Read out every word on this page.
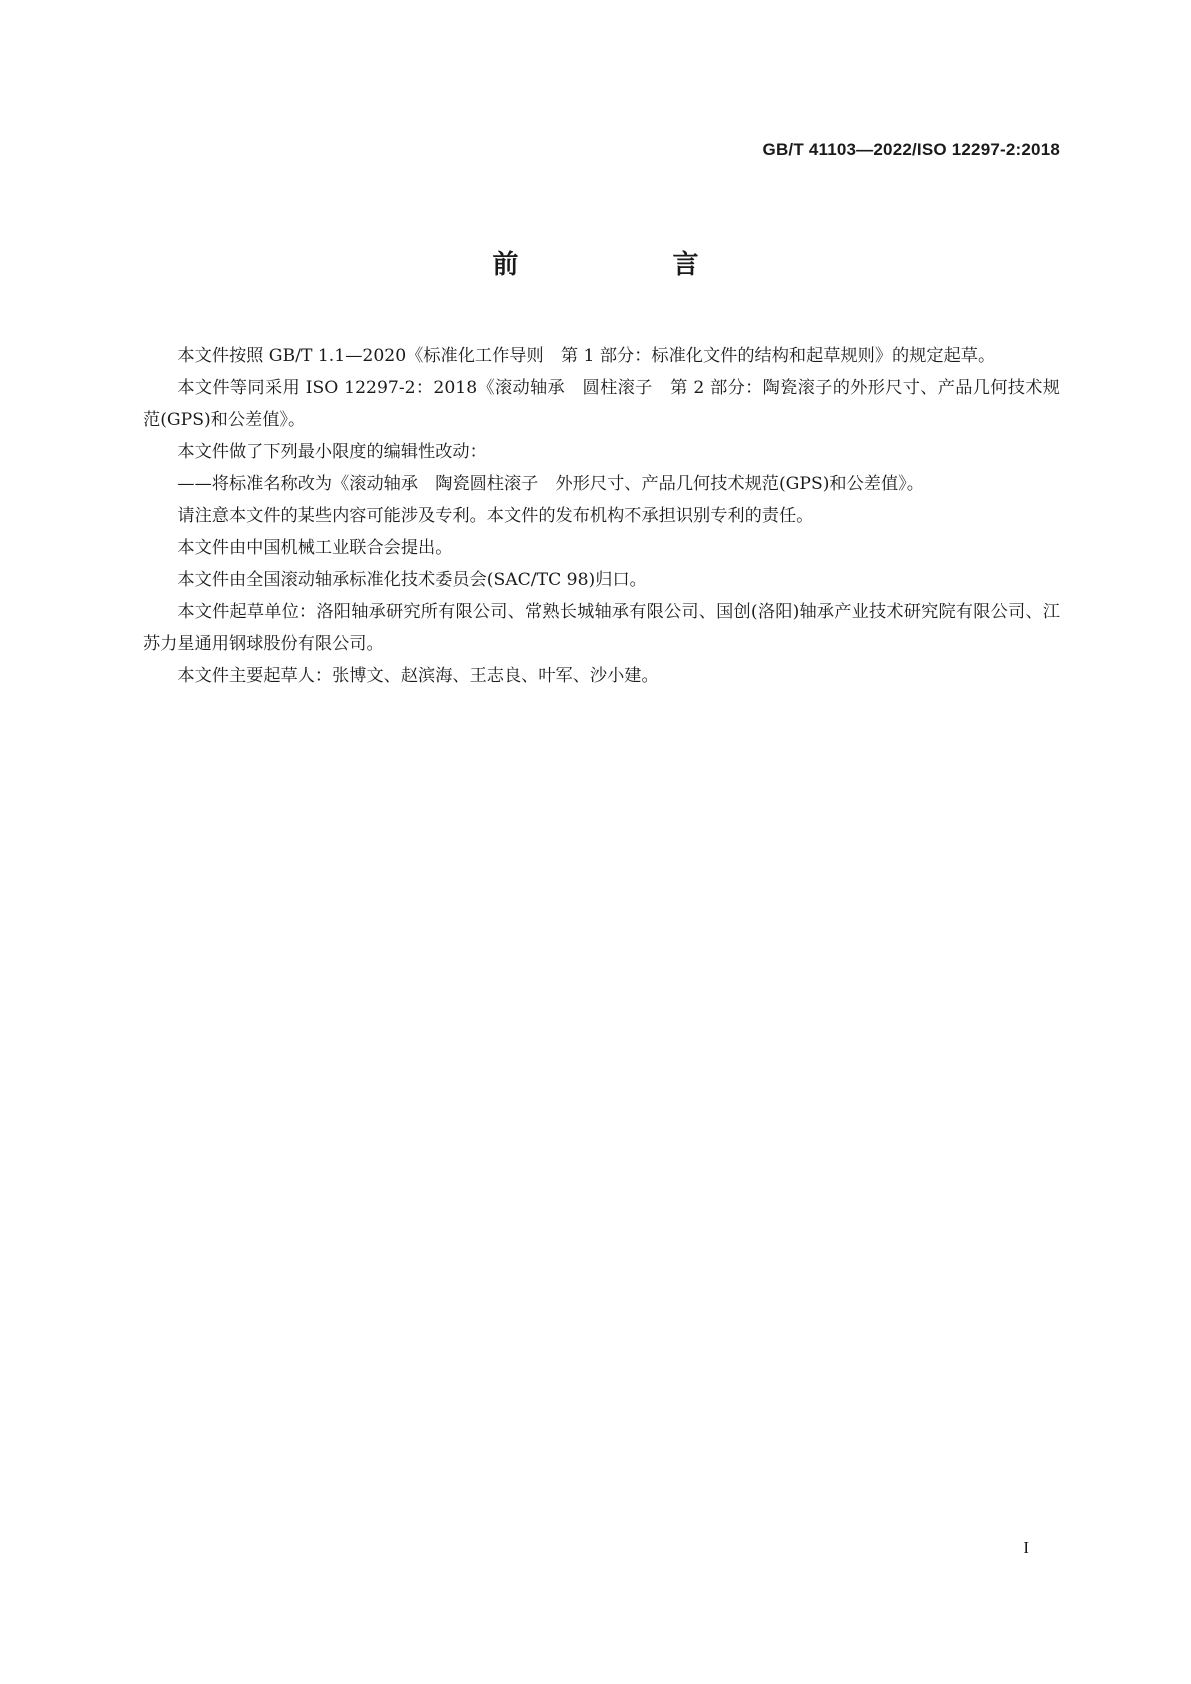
GB/T 41103—2022/ISO 12297-2:2018
前　言

本文件按照 GB/T 1.1—2020《标准化工作导则　第 1 部分：标准化文件的结构和起草规则》的规定起草。

本文件等同采用 ISO 12297-2：2018《滚动轴承　圆柱滚子　第 2 部分：陶瓷滚子的外形尺寸、产品几何技术规范(GPS)和公差值》。

本文件做了下列最小限度的编辑性改动：

——将标准名称改为《滚动轴承　陶瓷圆柱滚子　外形尺寸、产品几何技术规范(GPS)和公差值》。

请注意本文件的某些内容可能涉及专利。本文件的发布机构不承担识别专利的责任。

本文件由中国机械工业联合会提出。

本文件由全国滚动轴承标准化技术委员会(SAC/TC 98)归口。

本文件起草单位：洛阳轴承研究所有限公司、常熟长城轴承有限公司、国创(洛阳)轴承产业技术研究院有限公司、江苏力星通用钢球股份有限公司。

本文件主要起草人：张博文、赵滨海、王志良、叶军、沙小建。

I
